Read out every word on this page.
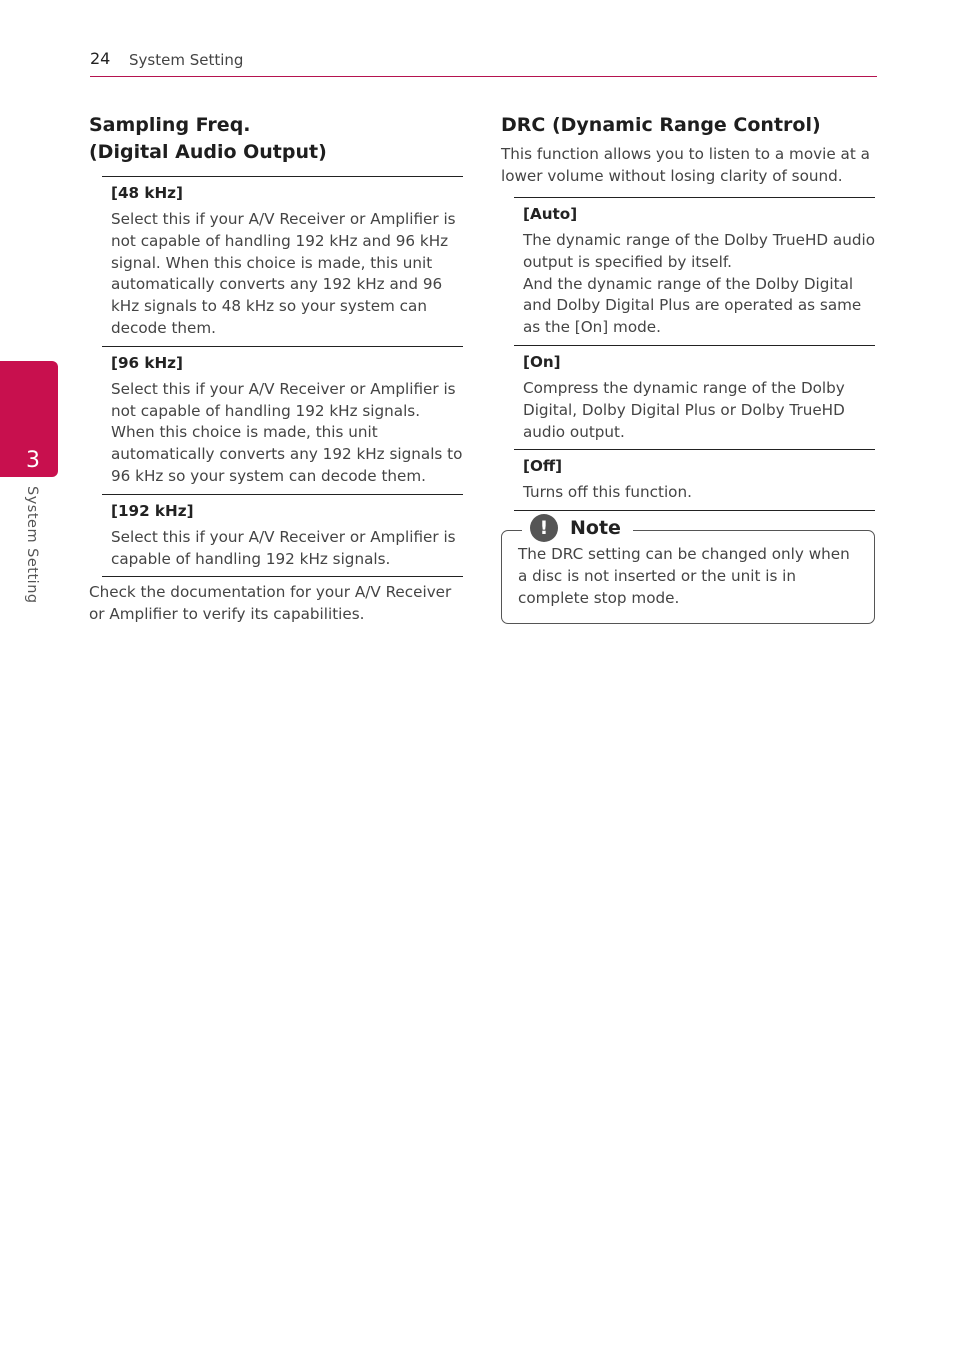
24 System Setting
3
System Setting
Sampling Freq.
(Digital Audio Output)
[48 kHz]
Select this if your A/V Receiver or Amplifier is not capable of handling 192 kHz and 96 kHz signal. When this choice is made, this unit automatically converts any 192 kHz and 96 kHz signals to 48 kHz so your system can decode them.
[96 kHz]
Select this if your A/V Receiver or Amplifier is not capable of handling 192 kHz signals. When this choice is made, this unit automatically converts any 192 kHz signals to 96 kHz so your system can decode them.
[192 kHz]
Select this if your A/V Receiver or Amplifier is capable of handling 192 kHz signals.
Check the documentation for your A/V Receiver or Amplifier to verify its capabilities.
DRC (Dynamic Range Control)
This function allows you to listen to a movie at a lower volume without losing clarity of sound.
[Auto]
The dynamic range of the Dolby TrueHD audio output is specified by itself.
And the dynamic range of the Dolby Digital and Dolby Digital Plus are operated as same as the [On] mode.
[On]
Compress the dynamic range of the Dolby Digital, Dolby Digital Plus or Dolby TrueHD audio output.
[Off]
Turns off this function.
!	Note
The DRC setting can be changed only when a disc is not inserted or the unit is in complete stop mode.
